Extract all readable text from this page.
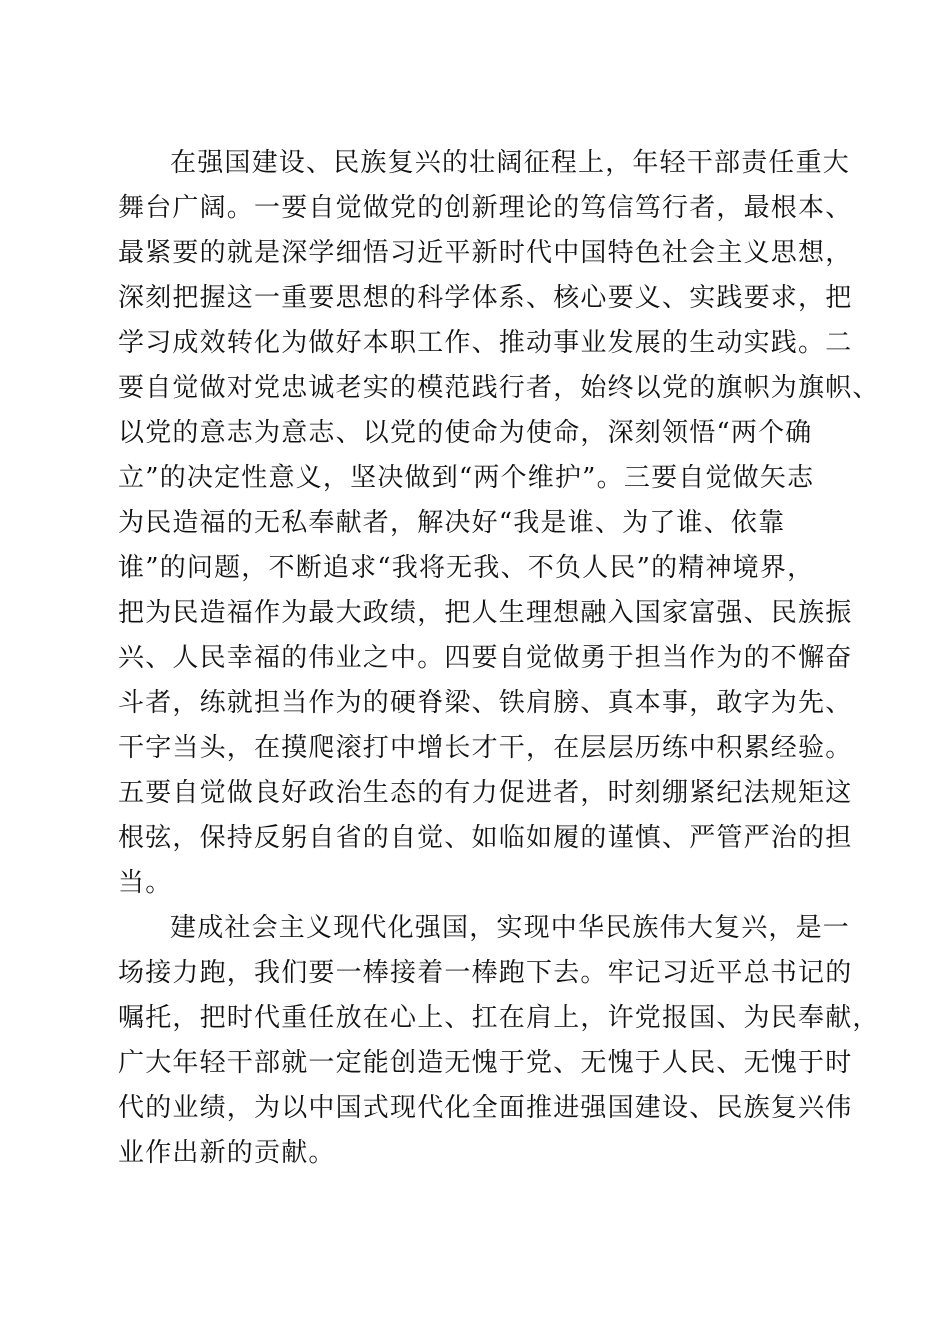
在强国建设、民族复兴的壮阔征程上，年轻干部责任重大
舞台广阔。一要自觉做党的创新理论的笃信笃行者，最根本、
最紧要的就是深学细悟习近平新时代中国特色社会主义思想，
深刻把握这一重要思想的科学体系、核心要义、实践要求，把
学习成效转化为做好本职工作、推动事业发展的生动实践。二
要自觉做对党忠诚老实的模范践行者，始终以党的旗帜为旗帜、
以党的意志为意志、以党的使命为使命，深刻领悟“两个确
立”的决定性意义，坚决做到“两个维护”。三要自觉做矢志
为民造福的无私奉献者，解决好“我是谁、为了谁、依靠
谁”的问题，不断追求“我将无我、不负人民”的精神境界，
把为民造福作为最大政绩，把人生理想融入国家富强、民族振
兴、人民幸福的伟业之中。四要自觉做勇于担当作为的不懈奋
斗者，练就担当作为的硬脊梁、铁肩膀、真本事，敢字为先、
干字当头，在摸爬滚打中增长才干，在层层历练中积累经验。
五要自觉做良好政治生态的有力促进者，时刻绷紧纪法规矩这
根弦，保持反躬自省的自觉、如临如履的谨慎、严管严治的担
当。
建成社会主义现代化强国，实现中华民族伟大复兴，是一
场接力跑，我们要一棒接着一棒跑下去。牢记习近平总书记的
嘱托，把时代重任放在心上、扛在肩上，许党报国、为民奉献，
广大年轻干部就一定能创造无愧于党、无愧于人民、无愧于时
代的业绩，为以中国式现代化全面推进强国建设、民族复兴伟
业作出新的贡献。
